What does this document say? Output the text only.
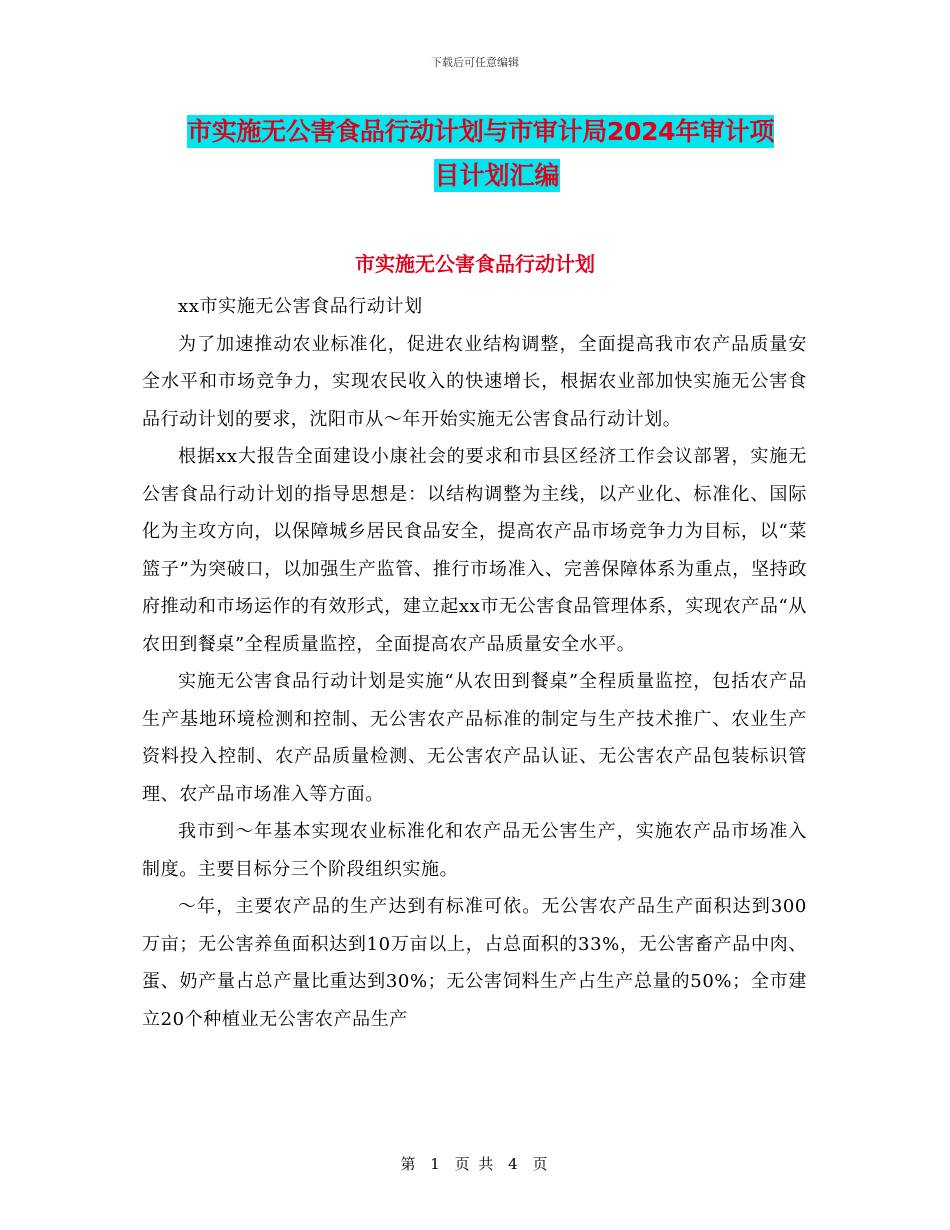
下载后可任意编辑
市实施无公害食品行动计划与市审计局2024年审计项
目计划汇编
市实施无公害食品行动计划

xx市实施无公害食品行动计划

为了加速推动农业标准化，促进农业结构调整，全面提高我市农产品质量安全水平和市场竞争力，实现农民收入的快速增长，根据农业部加快实施无公害食品行动计划的要求，沈阳市从～年开始实施无公害食品行动计划。

根据xx大报告全面建设小康社会的要求和市县区经济工作会议部署，实施无公害食品行动计划的指导思想是：以结构调整为主线，以产业化、标准化、国际化为主攻方向，以保障城乡居民食品安全，提高农产品市场竞争力为目标，以“菜篮子”为突破口，以加强生产监管、推行市场准入、完善保障体系为重点，坚持政府推动和市场运作的有效形式，建立起xx市无公害食品管理体系，实现农产品“从农田到餐桌”全程质量监控，全面提高农产品质量安全水平。

实施无公害食品行动计划是实施“从农田到餐桌”全程质量监控，包括农产品生产基地环境检测和控制、无公害农产品标准的制定与生产技术推广、农业生产资料投入控制、农产品质量检测、无公害农产品认证、无公害农产品包装标识管理、农产品市场准入等方面。

我市到～年基本实现农业标准化和农产品无公害生产，实施农产品市场准入制度。主要目标分三个阶段组织实施。

～年，主要农产品的生产达到有标准可依。无公害农产品生产面积达到300万亩；无公害养鱼面积达到10万亩以上，占总面积的33%，无公害畜产品中肉、蛋、奶产量占总产量比重达到30%；无公害饲料生产占生产总量的50%；全市建立20个种植业无公害农产品生产

第 1 页 共 4 页
